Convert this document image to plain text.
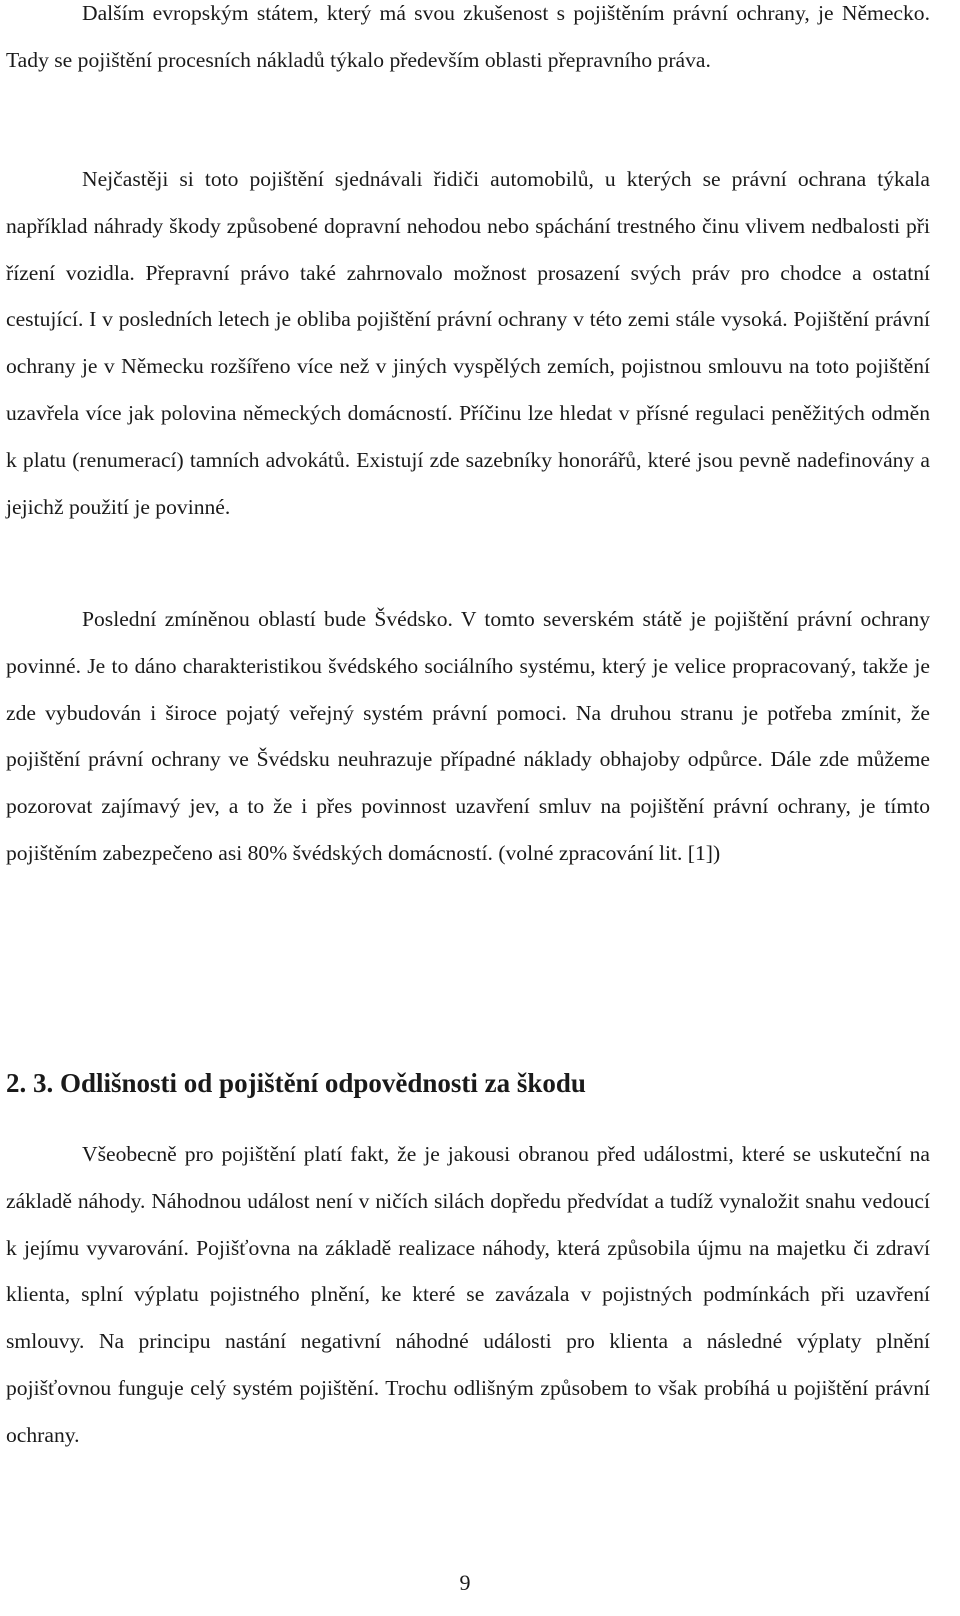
Dalším evropským státem, který má svou zkušenost s pojištěním právní ochrany, je Německo. Tady se pojištění procesních nákladů týkalo především oblasti přepravního práva.

Nejčastěji si toto pojištění sjednávali řidiči automobilů, u kterých se právní ochrana týkala například náhrady škody způsobené dopravní nehodou nebo spáchání trestného činu vlivem nedbalosti při řízení vozidla. Přepravní právo také zahrnovalo možnost prosazení svých práv pro chodce a ostatní cestující. I v posledních letech je obliba pojištění právní ochrany v této zemi stále vysoká. Pojištění právní ochrany je v Německu rozšířeno více než v jiných vyspělých zemích, pojistnou smlouvu na toto pojištění uzavřela více jak polovina německých domácností. Příčinu lze hledat v přísné regulaci peněžitých odměn k platu (renumerací) tamních advokátů. Existují zde sazebníky honorářů, které jsou pevně nadefinovány a jejichž použití je povinné.

Poslední zmíněnou oblastí bude Švédsko. V tomto severském státě je pojištění právní ochrany povinné. Je to dáno charakteristikou švédského sociálního systému, který je velice propracovaný, takže je zde vybudován i široce pojatý veřejný systém právní pomoci. Na druhou stranu je potřeba zmínit, že pojištění právní ochrany ve Švédsku neuhrazuje případné náklady obhajoby odpůrce. Dále zde můžeme pozorovat zajímavý jev, a to že i přes povinnost uzavření smluv na pojištění právní ochrany, je tímto pojištěním zabezpečeno asi 80% švédských domácností. (volné zpracování lit. [1])

2. 3. Odlišnosti od pojištění odpovědnosti za škodu

Všeobecně pro pojištění platí fakt, že je jakousi obranou před událostmi, které se uskuteční na základě náhody. Náhodnou událost není v ničích silách dopředu předvídat a tudíž vynaložit snahu vedoucí k jejímu vyvarování. Pojišťovna na základě realizace náhody, která způsobila újmu na majetku či zdraví klienta, splní výplatu pojistného plnění, ke které se zavázala v pojistných podmínkách při uzavření smlouvy. Na principu nastání negativní náhodné události pro klienta a následné výplaty plnění pojišťovnou funguje celý systém pojištění. Trochu odlišným způsobem to však probíhá u pojištění právní ochrany.

9
